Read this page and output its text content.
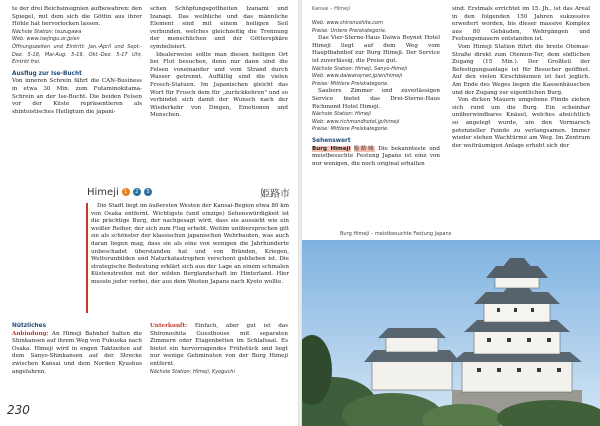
te der drei Reichsinsignien aufbewahren: den Spiegel, mit dem sich die Göttin aus ihrer Höhle hat hervorlocken lassen.

Nächste Station: Isuzugawa
Web: www.isejingu.or.jp/en
Öffnungszeiten und Eintritt: Jan.-April und Sept.-Dez. 5-18, Mai-Aug. 5-19, Okt.-Dez. 5-17 Uhr, Eintritt frei.
Ausflug zur Ise-Bucht

Von inneren Schrein fährt die CAN-Business in etwa 30 Min. zum Futaminokitama-Schrein an der Ise-Bucht. Die beiden Felsen vor der Küste repräsentieren als shintoistisches Heiligtum die japani-

schen Schöpfungsgottheiten Izanami und Izanagi. Das weibliche und das männliche Element sind mit einem heiligen Seil verbunden, welches gleichzeitig die Trennung der menschlichen und der Göttersphäre symbolisiert.

Idealerweise sollte man diesen heiligen Ort bei Flut besuchen, denn nur dann sind die Felsen voneinander und vom Strand durch Wasser getrennt. Auffällig sind die vielen Frosch-Statuen. Im Japanischen gleicht das Wort für Frosch dem für „zurückkehren" und so verbindet sich damit der Wunsch nach der Wiederkehr von Dingen, Emotionen und Menschen.

Himeji	1	2	3	姫路市

Die Stadt liegt im äußersten Westen der Kansai-Region etwa 80 km von Osaka entfernt. Wichtigste (und einzige) Sehenswürdigkeit ist die prächtige Burg, der nachgesagt wird, dass sie aussieht wie ein weißer Reiher, der sich zum Flug erhebt. Weitim unübersprochen gilt sie als schönster der klassischen japanischen Wehrbauten, was auch daran liegen mag, dass sie als eine von wenigen die Jahrhunderte unbeschadet überstanden hat und von Bränden, Kriegen, Wetterunbilden und Naturkatastrophen verschont geblieben ist. Die strategische Bedeutung erklärt sich aus der Lage an einem schmalen Küstenstreifen mit der wilden Berglandschaft im Hinterland. Hier musste jeder vorbei, der aus dem Westen Japans nach Kyoto wollte.

Nützliches

Anbindung: An Himeji Bahnhof halten die Shinkansen auf ihrem Weg von Fukuoka nach Osaka. Himeji wird in engen Taktzeiten auf dem Sanyo-Shinkansen auf der Strecke zwischen Kansai und dem Norden Kyushus angefahren.

Unterkunft: Einfach, aber gut ist das Shironoshita Guesthouse mit separaten Zimmern oder Etagenbetten im Schlafsaal. Es bietet ein hervorragendes Frühstück und liegt nur wenige Gehminuten von der Burg Himeji entfernt.

Nächste Station: Himeji, Kyoguchi
230
Kansai – Himeji
Web: www.shironoshita.com
Preise: Untere Preiskategorie.

Das Vier-Sterne-Haus Daiwa Roynet Hotel Himeji liegt auf dem Weg vom Hauptbahnhof zur Burg Himeji. Der Service ist zuverlässig, die Preise gut.

Nächste Station: Himeji, Sanyo-Himeji
Web: www.daiwaroynet.jp/en/himeji
Preise: Mittlere Preiskategorie.

Saubere Zimmer und zuverlässigen Service bietet das Drei-Sterne-Haus Richmond Hotel Himeji.

Nächste Station: Himeji
Web: www.richmondhotel.jp/himeji
Preise: Mittlere Preiskategorie.
Sehenswert

Burg Himeji 姫路城 Die bekannteste und meistbesuchte Festung Japans ist eine von nur wenigen, die noch original erhalten

sind. Erstmals errichtet im 15. Jh., ist das Areal in den folgenden 150 Jahren sukzessive erweitert worden, bis dieser massive Komplex aus 80 Gebäuden, Wehrgängen und Festungsmauern entstanden ist.

Vom Himeji Station führt die breite Otemae-Straße direkt zum Otemon-Tor, dem südlichen Zugang (15 Min.). Der Großteil der Befestigungsanlage ist für Besucher geöffnet. Auf den vielen Kirschbäumen ist fast jeglich. Am Ende des Weges liegen die Kassenhäuschen und der Zugang zur eigentlichen Burg.

Von dicken Mauern umgebene Plinde ziehen sich rund um die Burg. Ein scheinbar unüberwindbares Knäuel, welches absichtlich so angelegt wurde, um den Vormarsch potenzieller Feinde zu verlangsamen. Immer wieder stehen Wachtürme am Weg. Im Zentrum der weiträumigen Anlage erhebt sich der

Burg Himeji – meistbesuchte Festung Japans
